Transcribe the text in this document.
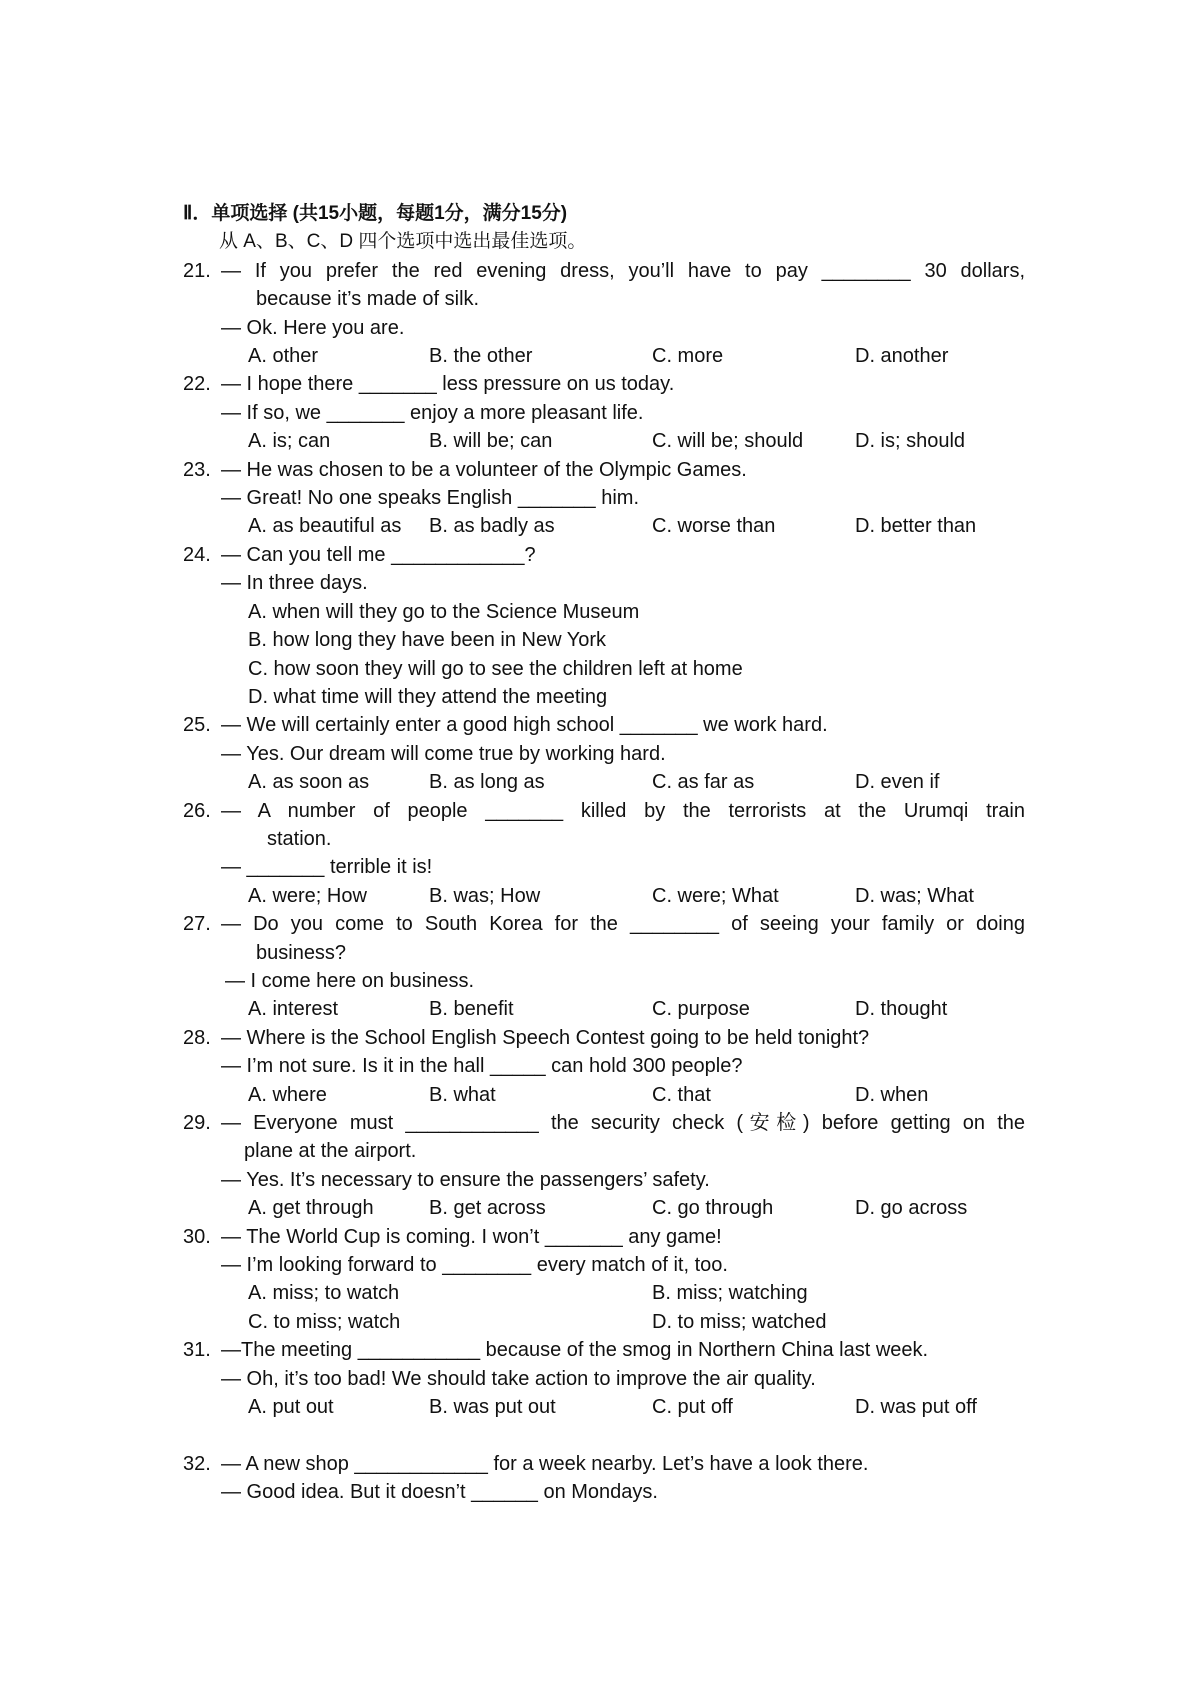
Ⅱ．单项选择 (共15小题，每题1分，满分15分)
从 A、B、C、D 四个选项中选出最佳选项。
21. — If you prefer the red evening dress, you’ll have to pay ________ 30 dollars,
because it’s made of silk.
— Ok. Here you are.
A. other	B. the other	C. more	D. another
22. — I hope there _______ less pressure on us today.
— If so, we _______ enjoy a more pleasant life.
A. is; can	B. will be; can	C. will be; should	D. is; should
23. — He was chosen to be a volunteer of the Olympic Games.
— Great! No one speaks English _______ him.
A. as beautiful as B. as badly as	C. worse than	D. better than
24. — Can you tell me ____________?
— In three days.
A. when will they go to the Science Museum
B. how long they have been in New York
C. how soon they will go to see the children left at home
D. what time will they attend the meeting
25. — We will certainly enter a good high school _______ we work hard.
— Yes. Our dream will come true by working hard.
A. as soon as	B. as long as	C. as far as	D. even if
26. — A number of people _______ killed by the terrorists at the Urumqi train
station.
— _______ terrible it is!
A. were; How	B. was; How	C. were; What	D. was; What
27. — Do you come to South Korea for the ________ of seeing your family or doing
business?
— I come here on business.
A. interest	B. benefit	C. purpose	D. thought
28. — Where is the School English Speech Contest going to be held tonight?
— I’m not sure. Is it in the hall _____ can hold 300 people?
A. where	B. what	C. that	D. when
29. — Everyone must ____________ the security check (安检) before getting on the
plane at the airport.
— Yes. It’s necessary to ensure the passengers’ safety.
A. get through	B. get across	C. go through	D. go across
30. — The World Cup is coming. I won’t _______ any game!
— I’m looking forward to ________ every match of it, too.
A. miss; to watch	B. miss; watching
C. to miss; watch	D. to miss; watched
31. —The meeting ___________ because of the smog in Northern China last week.
— Oh, it’s too bad! We should take action to improve the air quality.
A. put out	B. was put out	C. put off	D. was put off
32. — A new shop ____________ for a week nearby. Let’s have a look there.
— Good idea. But it doesn’t ______ on Mondays.
